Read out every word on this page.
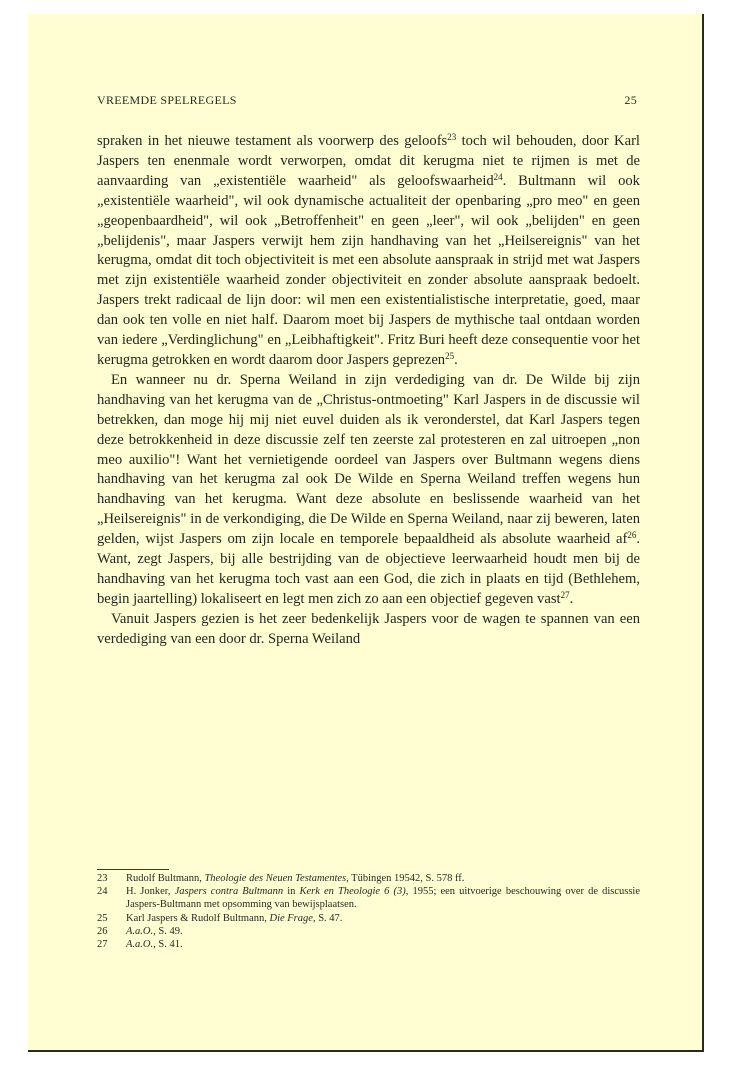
VREEMDE SPELREGELS	25

spraken in het nieuwe testament als voorwerp des geloofs$^{23}$ toch wil behouden, door Karl Jaspers ten enenmale wordt verworpen, omdat dit kerugma niet te rijmen is met de aanvaarding van „existentiële waarheid" als geloofswaarheid$^{24}$. Bultmann wil ook „existentiële waarheid", wil ook dynamische actualiteit der openbaring „pro meo" en geen „geopenbaardheid", wil ook „Betroffenheit" en geen „leer", wil ook „belijden" en geen „belijdenis", maar Jaspers verwijt hem zijn handhaving van het „Heilsereignis" van het kerugma, omdat dit toch objectiviteit is met een absolute aanspraak in strijd met wat Jaspers met zijn existentiële waarheid zonder objectiviteit en zonder absolute aanspraak bedoelt. Jaspers trekt radicaal de lijn door: wil men een existentialistische interpretatie, goed, maar dan ook ten volle en niet half. Daarom moet bij Jaspers de mythische taal ontdaan worden van iedere „Verdinglichung" en „Leibhaftigkeit". Fritz Buri heeft deze consequentie voor het kerugma getrokken en wordt daarom door Jaspers geprezen$^{25}$.

En wanneer nu dr. Sperna Weiland in zijn verdediging van dr. De Wilde bij zijn handhaving van het kerugma van de „Christus-ontmoeting" Karl Jaspers in de discussie wil betrekken, dan moge hij mij niet euvel duiden als ik veronderstel, dat Karl Jaspers tegen deze betrokkenheid in deze discussie zelf ten zeerste zal protesteren en zal uitroepen „non meo auxilio"! Want het vernietigende oordeel van Jaspers over Bultmann wegens diens handhaving van het kerugma zal ook De Wilde en Sperna Weiland treffen wegens hun handhaving van het kerugma. Want deze absolute en beslissende waarheid van het „Heilsereignis" in de verkondiging, die De Wilde en Sperna Weiland, naar zij beweren, laten gelden, wijst Jaspers om zijn locale en temporele bepaaldheid als absolute waarheid $af^{26}$. Want, zegt Jaspers, bij alle bestrijding van de objectieve leerwaarheid houdt men bij de handhaving van het kerugma toch vast aan een God, die zich in plaats en tijd (Bethlehem, begin jaartelling) lokaliseert en legt men zich zo aan een objectief gegeven vast$^{27}$.

Vanuit Jaspers gezien is het zeer bedenkelijk Jaspers voor de wagen te spannen van een verdediging van een door dr. Sperna Weiland

23 Rudolf Bultmann, Theologie des Neuen Testamentes, Tübingen 19542, S. 578 ff.
24 H. Jonker, Jaspers contra Bultmann in Kerk en Theologie 6 (3), 1955; een uitvoerige beschouwing over de discussie Jaspers-Bultmann met opsomming van bewijsplaatsen.
25 Karl Jaspers & Rudolf Bultmann, Die Frage, S. 47.
26 A.a.O., S. 49.
27 A.a.O., S. 41.
